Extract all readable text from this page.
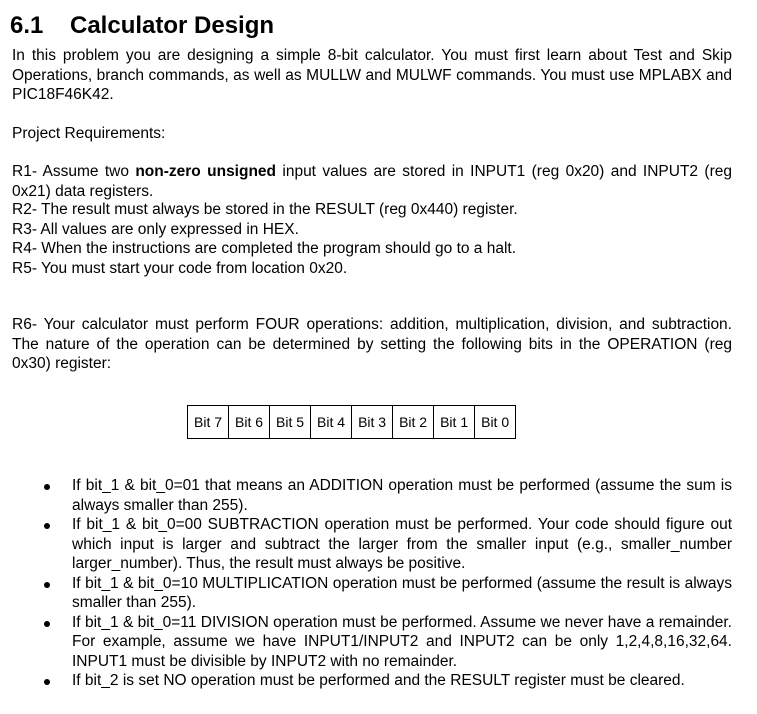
6.1 Calculator Design
In this problem you are designing a simple 8-bit calculator. You must first learn about Test and Skip Operations, branch commands, as well as MULLW and MULWF commands. You must use MPLABX and PIC18F46K42.
Project Requirements:
R1- Assume two non-zero unsigned input values are stored in INPUT1 (reg 0x20) and INPUT2 (reg 0x21) data registers.
R2- The result must always be stored in the RESULT (reg 0x440) register.
R3- All values are only expressed in HEX.
R4- When the instructions are completed the program should go to a halt.
R5- You must start your code from location 0x20.
R6- Your calculator must perform FOUR operations: addition, multiplication, division, and subtraction. The nature of the operation can be determined by setting the following bits in the OPERATION (reg 0x30) register:
Bit 7	Bit 6	Bit 5	Bit 4	Bit 3	Bit 2	Bit 1	Bit 0
If bit_1 & bit_0=01 that means an ADDITION operation must be performed (assume the sum is always smaller than 255).
If bit_1 & bit_0=00 SUBTRACTION operation must be performed. Your code should figure out which input is larger and subtract the larger from the smaller input (e.g., smaller_number larger_number). Thus, the result must always be positive.
If bit_1 & bit_0=10 MULTIPLICATION operation must be performed (assume the result is always smaller than 255).
If bit_1 & bit_0=11 DIVISION operation must be performed. Assume we never have a remainder. For example, assume we have INPUT1/INPUT2 and INPUT2 can be only 1,2,4,8,16,32,64. INPUT1 must be divisible by INPUT2 with no remainder.
If bit_2 is set NO operation must be performed and the RESULT register must be cleared.
